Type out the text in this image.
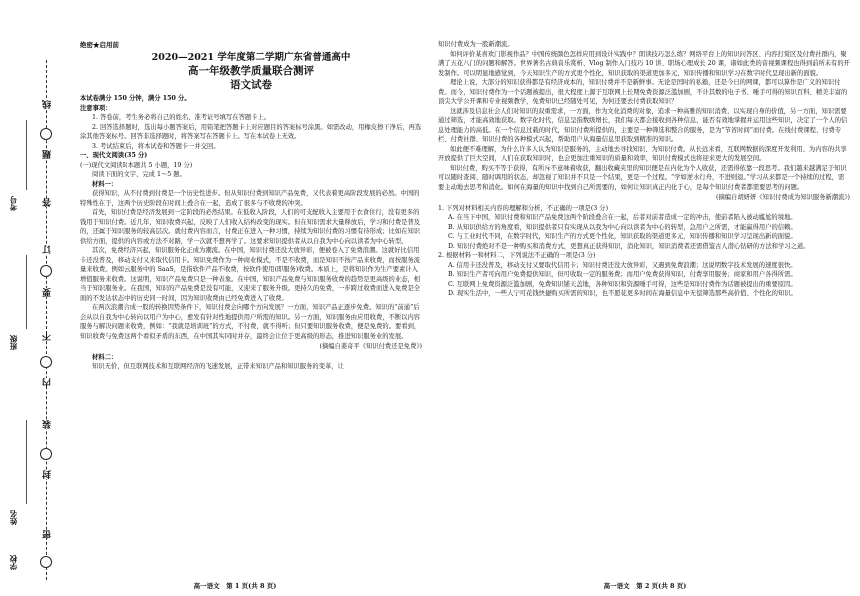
线
题
答
订
要
不
内
装
封
密
考号
班级
姓名
学校
绝密★启用前
2020—2021 学年度第二学期广东省普通高中
高一年级教学质量联合测评
语文试卷

本试卷满分 150 分钟，满分 150 分。

注意事项：

1. 答卷前，考生务必将自己的姓名、准考证号填写在答题卡上。

2. 回答选择题时，选出每小题答案后，用铅笔把答题卡上对应题目的答案标号涂黑。如需改动，用橡皮擦干净后，再选涂其他答案标号。回答非选择题时，将答案写在答题卡上。写在本试卷上无效。

3. 考试结束后，将本试卷和答题卡一并交回。

一、现代文阅读(35 分)

(一)现代文阅读Ⅰ(本题共 5 小题，19 分)

阅读下面的文字，完成 1～5 题。

材料一：

获得知识，从不付费到付费是一个历史性进步。但从知识付费到知识产品免费，又代表着更高阶段发展的必然。中国的特殊性在于，这两个历史阶段在时间上叠合在一起，造成了很多与不收费的冲突。

首先，知识付费是经济发展到一定阶段的必然结果。在低收入阶段，人们的可支配收入主要用于衣食住行，没有更多的钱用于知识付费。近几年，知识收费兴起，反映了人们收入结构改变的现实。但在知识需求大量释放后，学习和付费是普及的，还属于知识服务的较高层次。就付费内容而言，付费正在进入一种习惯，持续为知识付费的习惯有待形成；比如在知识供给方面，提供的内容或方法不对路，学一次就不想再学了。这要求知识提供者从以自我为中心向以读者为中心转型。

其次，免费经济兴起，知识服务化正成为潮流。在中国，知识付费还没大放异彩，便被卷入了免费浪潮。这就好比信用卡还没普及，移动支付又来取代信用卡。知识免费作为一种商业模式，不是不收费，而是知识不按产品来收费，而按服务流量来收费。例如云服务中的 SaaS，是指软件产品不收费，按软件使用(即服务)收费。本质上，是将知识作为生产要素计入增值服务来收费。这说明，知识产品免费只是一种表象。在中国，知识产品免费与知识服务收费的趋势是更高级的业态，相当于知识服务业。在我国，知识的产品免费是没有可能，又迎来了服务升级。更持久的免费，一步跨过收费而进入免费是全面的不发达状态中的历史同一时间，因为知识收费由已经免费进入了收费。

在两次浪潮合成一股的转换因势条件下，知识付费会向哪个方向发展？一方面，知识产品正逐步免费。知识的“前通”后会从以自我为中心转向以用户为中心，愈发有针对性地提供用户所需的知识。另一方面，知识服务由应用收费，不断以内容服务与解决问题来收费，例如：“我就是培训班”的方式，不付费，就不得听；但只要知识服务收费，便是免费的。要看到，知识收费与免费这两个看似矛盾的东西，在中国其实同时并存，最终会让位于更高级的形态，推进知识服务业的发展。

(摘编自姜奇平《知识付费还是免费》)

材料二：

知识无价，但互联网技术和互联网经济的飞速发展，正带来知识产品和知识服务的变革，让

高一语文　第 1 页(共 8 页)

知识付费成为一股新潮流。

如何评价某喜欢门影视作品？中国传统颜色怎样应用到设计实践中？朗读技巧怎么练？网络平台上的知识问答区、内容打赏区及付费社群内，聚满了五花八门的问题和解答。世界著名古典音乐赏析、Vlog 制作入门技巧 10 讲、职场心理成长 20 课，诸如此类的音视频课程也得到前所未有的开发制作。可以明显地感觉到，今天知识生产的方式更个性化，知识获取的渠道更加多元，知识传播和知识学习在数字时代呈现出新的面貌。

理论上说，大部分的知识获得都是有经济成本的，知识付费并不是新鲜事。无论是囯时的私塾，还是今日的网课，都可以算作是广义的知识付费。而今，知识付费作为一个话题被提出，很大程度上源于互联网上长期免费资源泛滥加剧，不计其数的电子书、唾手可得的知识百科、精美丰富的顶尖大学公开课和专业视频教学，免费知识已经随处可见，为何还要去付费获取知识？

这就涉及信息社会人们对知识的双重需求，一方面，作为文化消费的对象，追求一种高雅的知识消费，以实现自身的价值，另一方面，知识需要通过筛选，才能高效地获取。数字化时代，信息呈指数级增长，我们每天都会接收到各种信息，能否有效地掌握并运用这些知识，决定了一个人的信息处理能力的高低。在一个信息过载的时代，知识付费所提供的，主要是一种筛选和整合的服务，是为“节省时间”而付费。在线付费课程、付费专栏、付费社群、知识付费的各种模式兴起，帮助用户从海量信息里获取到精准的知识。

如此便不难理解，为什么许多人认为知识是服务的，主动地去寻找知识、为知识付费。从长远来看，互联网数据的深度开发利用、为内容的共享开放提供了巨大空间，人们在获取知识时，也会更加注重知识的质量和效率，知识付费模式也将迎来更大的发展空间。

知识付费，购买不等于获得，有所斥不意味着收获，翻出收藏夹里的知识便是在内化为个人收获，还需得依靠一段思考。我们越来越满足于知识可以随时查阅、随时调用的状态，却忽视了知识并不只是一个结果，更是一个过程。“学如逆水行舟，不进则退。”学习从来都是一个持续的过程，需要主动地去思考和消化。如何在海量的知识中找到自己所需要的，如何让知识真正内化于心，是每个知识付费者都需要思考的问题。

(摘编自胡妍妍《知识付费成为知识服务新潮流》)

1. 下列对材料相关内容的理解和分析，不正确的一项是(3 分)

A. 在当下中国，知识付费和知识产品免费这两个阶段叠合在一起，后者对前者造成一定的冲击，使前者陷入被动尴尬的境地。

B. 从知识供给方的角度看，知识提供者只有实现从以我为中心向以读者为中心的转型，急用户之所需，才能赢得用户的信赖。

C. 与工业时代不同，在数字时代，知识生产的方式更个性化，知识获取的渠道更多元，知识传播和知识学习呈现出新的面貌。

D. 知识付费绝对不是一种购买和消费方式，更想真正获得知识，消化知识，知识消费者还需借鉴古人潜心钻研的方法和学习之道。

2. 根据材料一和材料二，下列说法不正确的一项是(3 分)

A. 信用卡还没普及，移动支付又要取代信用卡；知识付费还没大放异彩，又遇到免费浪潮；这说明数字技术发展的速度很快。

B. 知识生产者可向用户免费提供知识，但可收取一定的服务费；而用户免费获得知识，付费享用服务；商家和用户各得所需。

C. 互联网上免费资源泛滥加剧，免费知识铺天盖地，各种知识和资源唾手可得，这些是知识付费作为话题被提出的重要原因。

D. 现实生活中，一些人宁可花钱快捷购买所需的知识，也不愿花更多时间在海量信息中无偿筛选那些高价值、个性化的知识。

高一语文　第 2 页(共 8 页)
